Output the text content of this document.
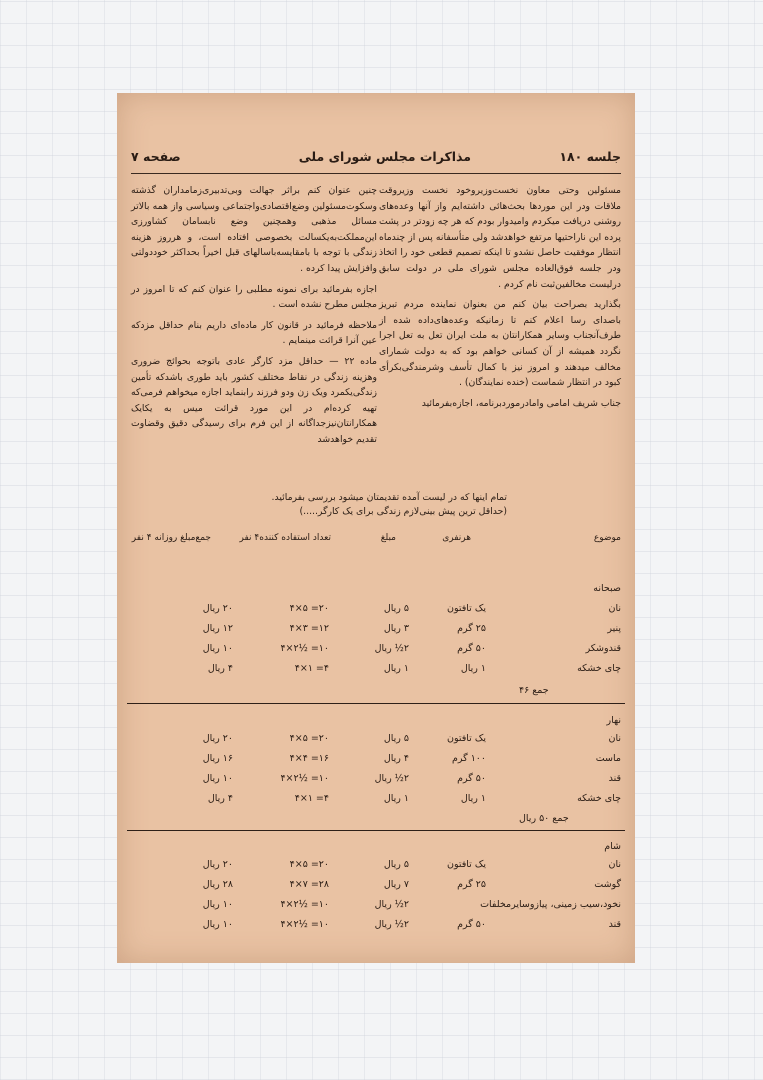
جلسه ۱۸۰
مذاکرات مجلس شورای ملی
صفحه ۷

مسئولین وحتی معاون نخست‌وزیر‌وخود نخست وزیروقت ملاقات ودر این موردها بحث‌هائی داشته‌ایم واز آنها وعده‌های روشنی دریافت میکردم وامیدوار بودم که هر چه زودتر در پشت پرده این ناراحتیها مرتفع خواهدشد ولی متأسفانه پس از چندماه انتظار موفقیت حاصل نشدو تا اینکه تصمیم قطعی خود را اتخاذ ودر جلسه فوق‌العاده مجلس شورای ملی در دولت سابق درلیست مخالفین‌ثبت نام کردم .

بگذارید بصراحت بیان کنم من بعنوان نماینده مردم تبریز باصدای رسا اعلام کنم تا زمانیکه وعده‌های‌داده شده از طرف‌آنجناب وسایر همکارانتان به ملت ایران تعل به تعل اجرا نگردد همیشه از آن کسانی خواهم بود که به دولت شمارای مخالف میدهند و امروز نیز با کمال تأسف وشرمندگی‌بکرأی کبود در انتظار شماست (خنده نمایندگان) .

جناب شریف امامی وامادر‌مورد‌برنامه، اجازه‌بفرمائید

چنین عنوان کنم براثر جهالت وبی‌تدبیری‌زمامداران گذشته وسکوت‌مسئولین وضع‌اقتصادی‌واجتماعی وسیاسی واز همه بالاتر مسائل مذهبی وهمچنین وضع نابسامان کشاورزی این‌مملکت‌به‌یکسالت بخصوصی افتاده است، و هرروز هزینه زندگی با توجه با بامقایسه‌باسالهای قبل اخیراً بحداکثر خود‌دولتی وافزایش پیدا کرده .

اجازه بفرمائید برای نمونه مطلبی را عنوان کنم که تا امروز در مجلس مطرح نشده است .

ملاحظه فرمائید در قانون کار ماده‌ای داریم بنام حداقل مزدکه عین آنرا قرائت مینمایم .

ماده ۲۲ — حداقل مزد کارگر عادی باتوجه بحوائج ضروری وهزینه زندگی در نقاط مختلف کشور باید طوری باشدکه تأمین زندگی‌یکمرد ویک زن ودو فرزند رابنماید اجازه میخواهم فرمی‌که تهیه کرده‌ام در این مورد قرائت میس به یکایک همکارانتان‌نیزجداگانه از این فرم برای رسیدگی دقیق وقضاوت تقدیم خواهدشد

تمام اینها که در لیست آمده تقدیمتان میشود بررسی بفرمائید.
(حداقل ترین پیش بینی‌لازم زندگی برای یک کارگر.....)
موضوع
هرنفری
مبلغ
تعداد استفاده کننده‌۴ نفر
جمع‌مبلغ روزانه ۴ نفر
صبحانه
نان
یک تافتون
۵ ریال
۴×۵ =۲۰
۲۰ ریال
پنیر
۲۵ گرم
۳ ریال
۴×۳ =۱۲
۱۲ ریال
قندوشکر
۵۰ گرم
۲½ ریال
۴×۲½ =۱۰
۱۰ ریال
چای خشکه
۱ ریال
۱ ریال
۴×۱ =۴
۴ ریال
جمع ۴۶
نهار
نان
یک تافتون
۵ ریال
۴×۵ =۲۰
۲۰ ریال
ماست
۱۰۰ گرم
۴ ریال
۴×۴ =۱۶
۱۶ ریال
قند
۵۰ گرم
۲½ ریال
۴×۲½ =۱۰
۱۰ ریال
چای خشکه
۱ ریال
۱ ریال
۴×۱ =۴
۴ ریال
جمع ۵۰ ریال
شام
نان
یک تافتون
۵ ریال
۴×۵ =۲۰
۲۰ ریال
گوشت
۲۵ گرم
۷ ریال
۴×۷ =۲۸
۲۸ ریال
نخود،سیب زمینی، پیاز‌وسایرمخلفات
۲½ ریال
۴×۲½ =۱۰
۱۰ ریال
قند
۵۰ گرم
۲½ ریال
۴×۲½ =۱۰
۱۰ ریال
